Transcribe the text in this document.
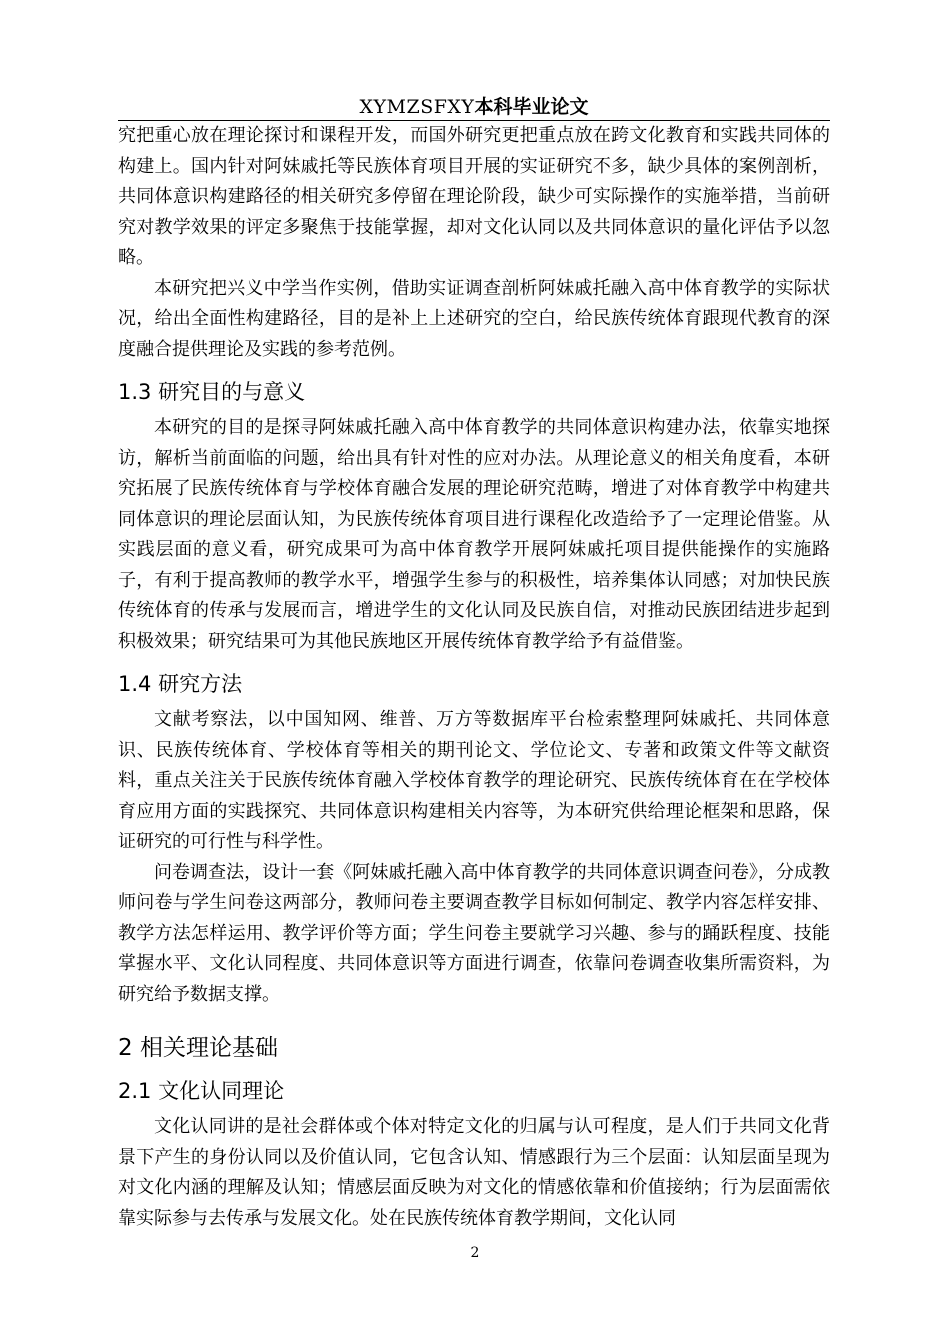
XYMZSFXY本科毕业论文

究把重心放在理论探讨和课程开发，而国外研究更把重点放在跨文化教育和实践共同体的构建上。国内针对阿妹戚托等民族体育项目开展的实证研究不多，缺少具体的案例剖析，共同体意识构建路径的相关研究多停留在理论阶段，缺少可实际操作的实施举措，当前研究对教学效果的评定多聚焦于技能掌握，却对文化认同以及共同体意识的量化评估予以忽略。

本研究把兴义中学当作实例，借助实证调查剖析阿妹戚托融入高中体育教学的实际状况，给出全面性构建路径，目的是补上上述研究的空白，给民族传统体育跟现代教育的深度融合提供理论及实践的参考范例。

1.3 研究目的与意义

本研究的目的是探寻阿妹戚托融入高中体育教学的共同体意识构建办法，依靠实地探访，解析当前面临的问题，给出具有针对性的应对办法。从理论意义的相关角度看，本研究拓展了民族传统体育与学校体育融合发展的理论研究范畴，增进了对体育教学中构建共同体意识的理论层面认知，为民族传统体育项目进行课程化改造给予了一定理论借鉴。从实践层面的意义看，研究成果可为高中体育教学开展阿妹戚托项目提供能操作的实施路子，有利于提高教师的教学水平，增强学生参与的积极性，培养集体认同感；对加快民族传统体育的传承与发展而言，增进学生的文化认同及民族自信，对推动民族团结进步起到积极效果；研究结果可为其他民族地区开展传统体育教学给予有益借鉴。

1.4 研究方法

文献考察法，以中国知网、维普、万方等数据库平台检索整理阿妹戚托、共同体意识、民族传统体育、学校体育等相关的期刊论文、学位论文、专著和政策文件等文献资料，重点关注关于民族传统体育融入学校体育教学的理论研究、民族传统体育在在学校体育应用方面的实践探究、共同体意识构建相关内容等，为本研究供给理论框架和思路，保证研究的可行性与科学性。

问卷调查法，设计一套《阿妹戚托融入高中体育教学的共同体意识调查问卷》，分成教师问卷与学生问卷这两部分，教师问卷主要调查教学目标如何制定、教学内容怎样安排、教学方法怎样运用、教学评价等方面；学生问卷主要就学习兴趣、参与的踊跃程度、技能掌握水平、文化认同程度、共同体意识等方面进行调查，依靠问卷调查收集所需资料，为研究给予数据支撑。

2 相关理论基础
2.1 文化认同理论

文化认同讲的是社会群体或个体对特定文化的归属与认可程度，是人们于共同文化背景下产生的身份认同以及价值认同，它包含认知、情感跟行为三个层面：认知层面呈现为对文化内涵的理解及认知；情感层面反映为对文化的情感依靠和价值接纳；行为层面需依靠实际参与去传承与发展文化。处在民族传统体育教学期间，文化认同

2
